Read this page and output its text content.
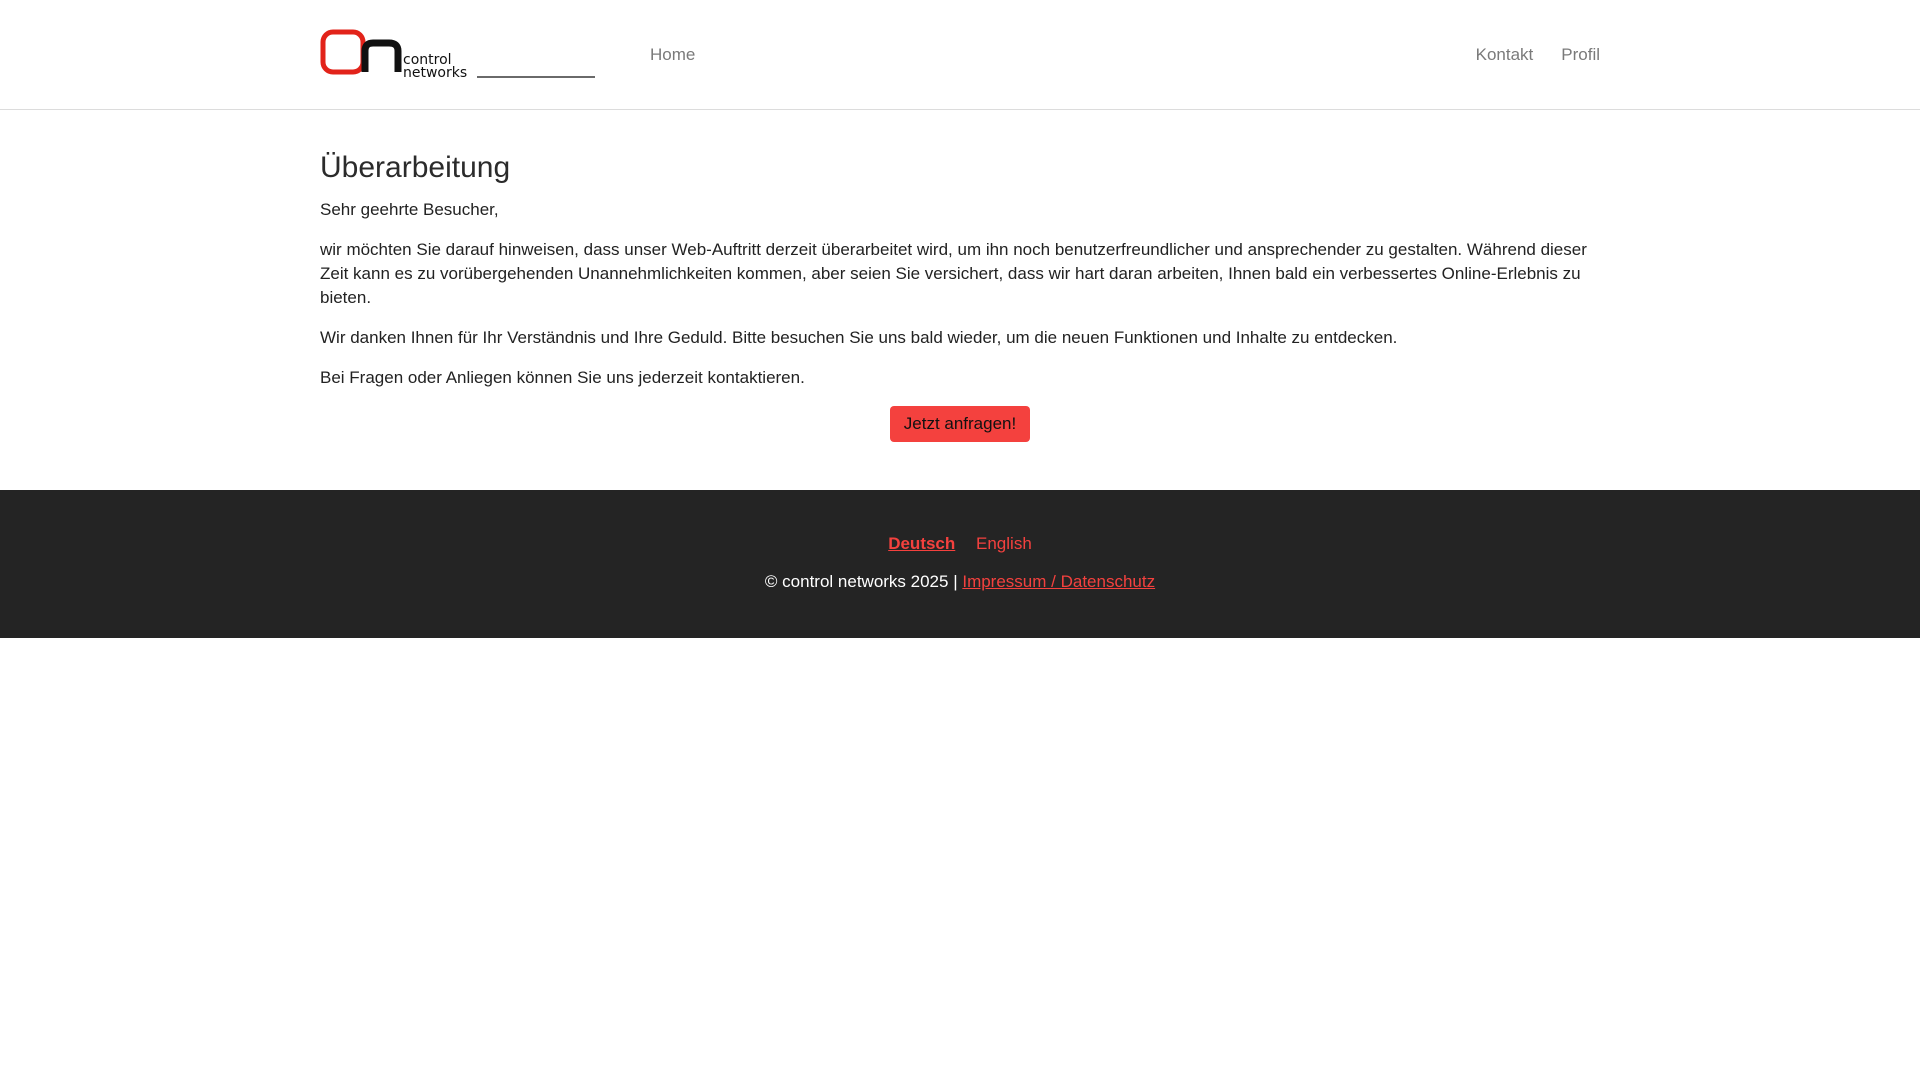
control
networks
Home	Kontakt	Profil
Überarbeitung

Sehr geehrte Besucher,

wir möchten Sie darauf hinweisen, dass unser Web-Auftritt derzeit überarbeitet wird, um ihn noch benutzerfreundlicher und ansprechender zu gestalten. Während dieser Zeit kann es zu vorübergehenden Unannehmlichkeiten kommen, aber seien Sie versichert, dass wir hart daran arbeiten, Ihnen bald ein verbessertes Online-Erlebnis zu bieten.

Wir danken Ihnen für Ihr Verständnis und Ihre Geduld. Bitte besuchen Sie uns bald wieder, um die neuen Funktionen und Inhalte zu entdecken.

Bei Fragen oder Anliegen können Sie uns jederzeit kontaktieren.

Jetzt anfragen!
Deutsch English
© control networks 2025 | Impressum / Datenschutz
